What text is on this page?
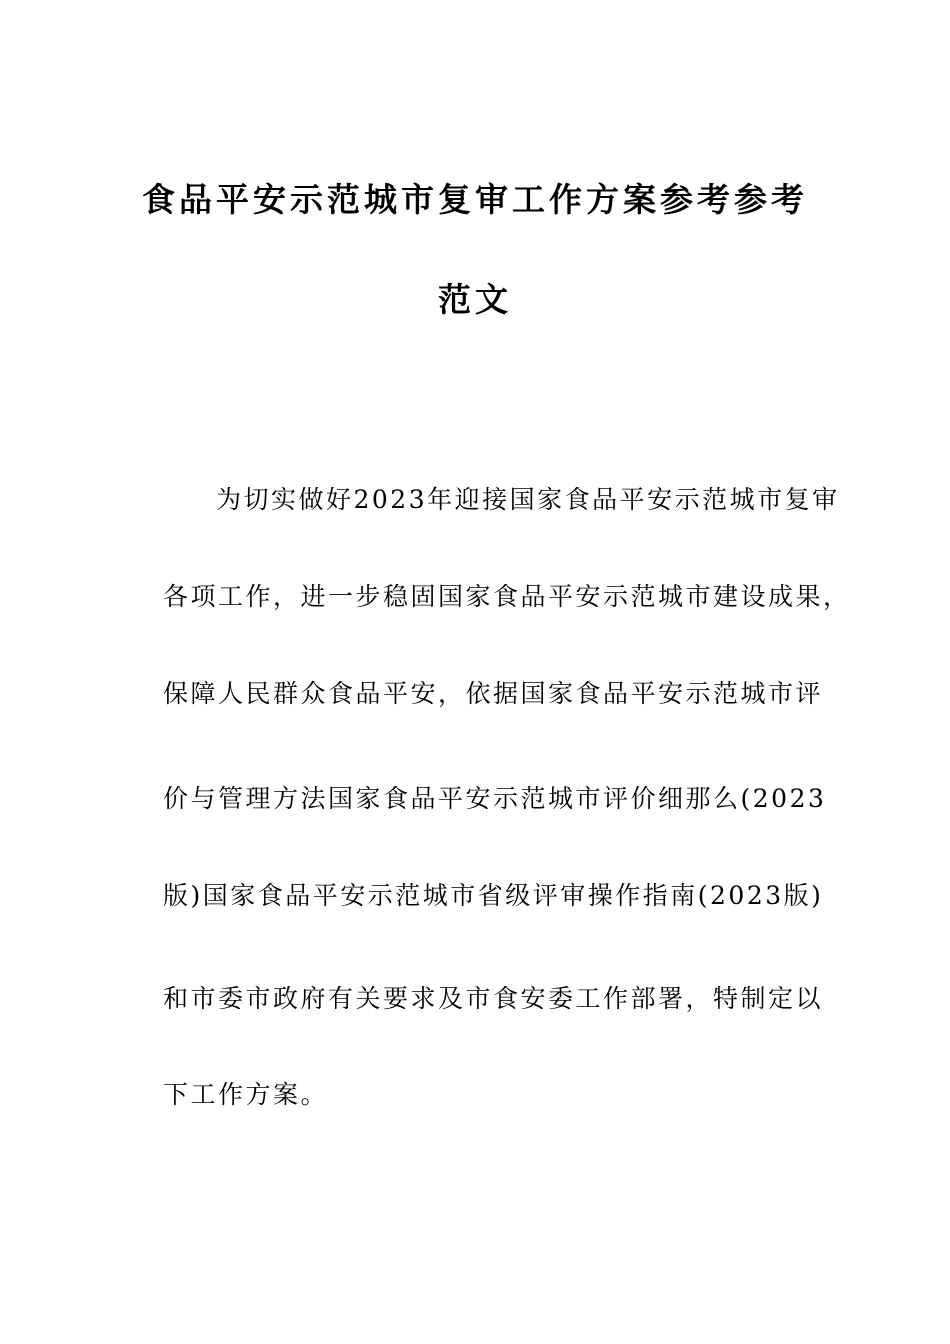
食品平安示范城市复审工作方案参考参考
范文

为切实做好2023年迎接国家食品平安示范城市复审

各项工作，进一步稳固国家食品平安示范城市建设成果，

保障人民群众食品平安，依据国家食品平安示范城市评

价与管理方法国家食品平安示范城市评价细那么(2023

版)国家食品平安示范城市省级评审操作指南(2023版)

和市委市政府有关要求及市食安委工作部署，特制定以

下工作方案。
